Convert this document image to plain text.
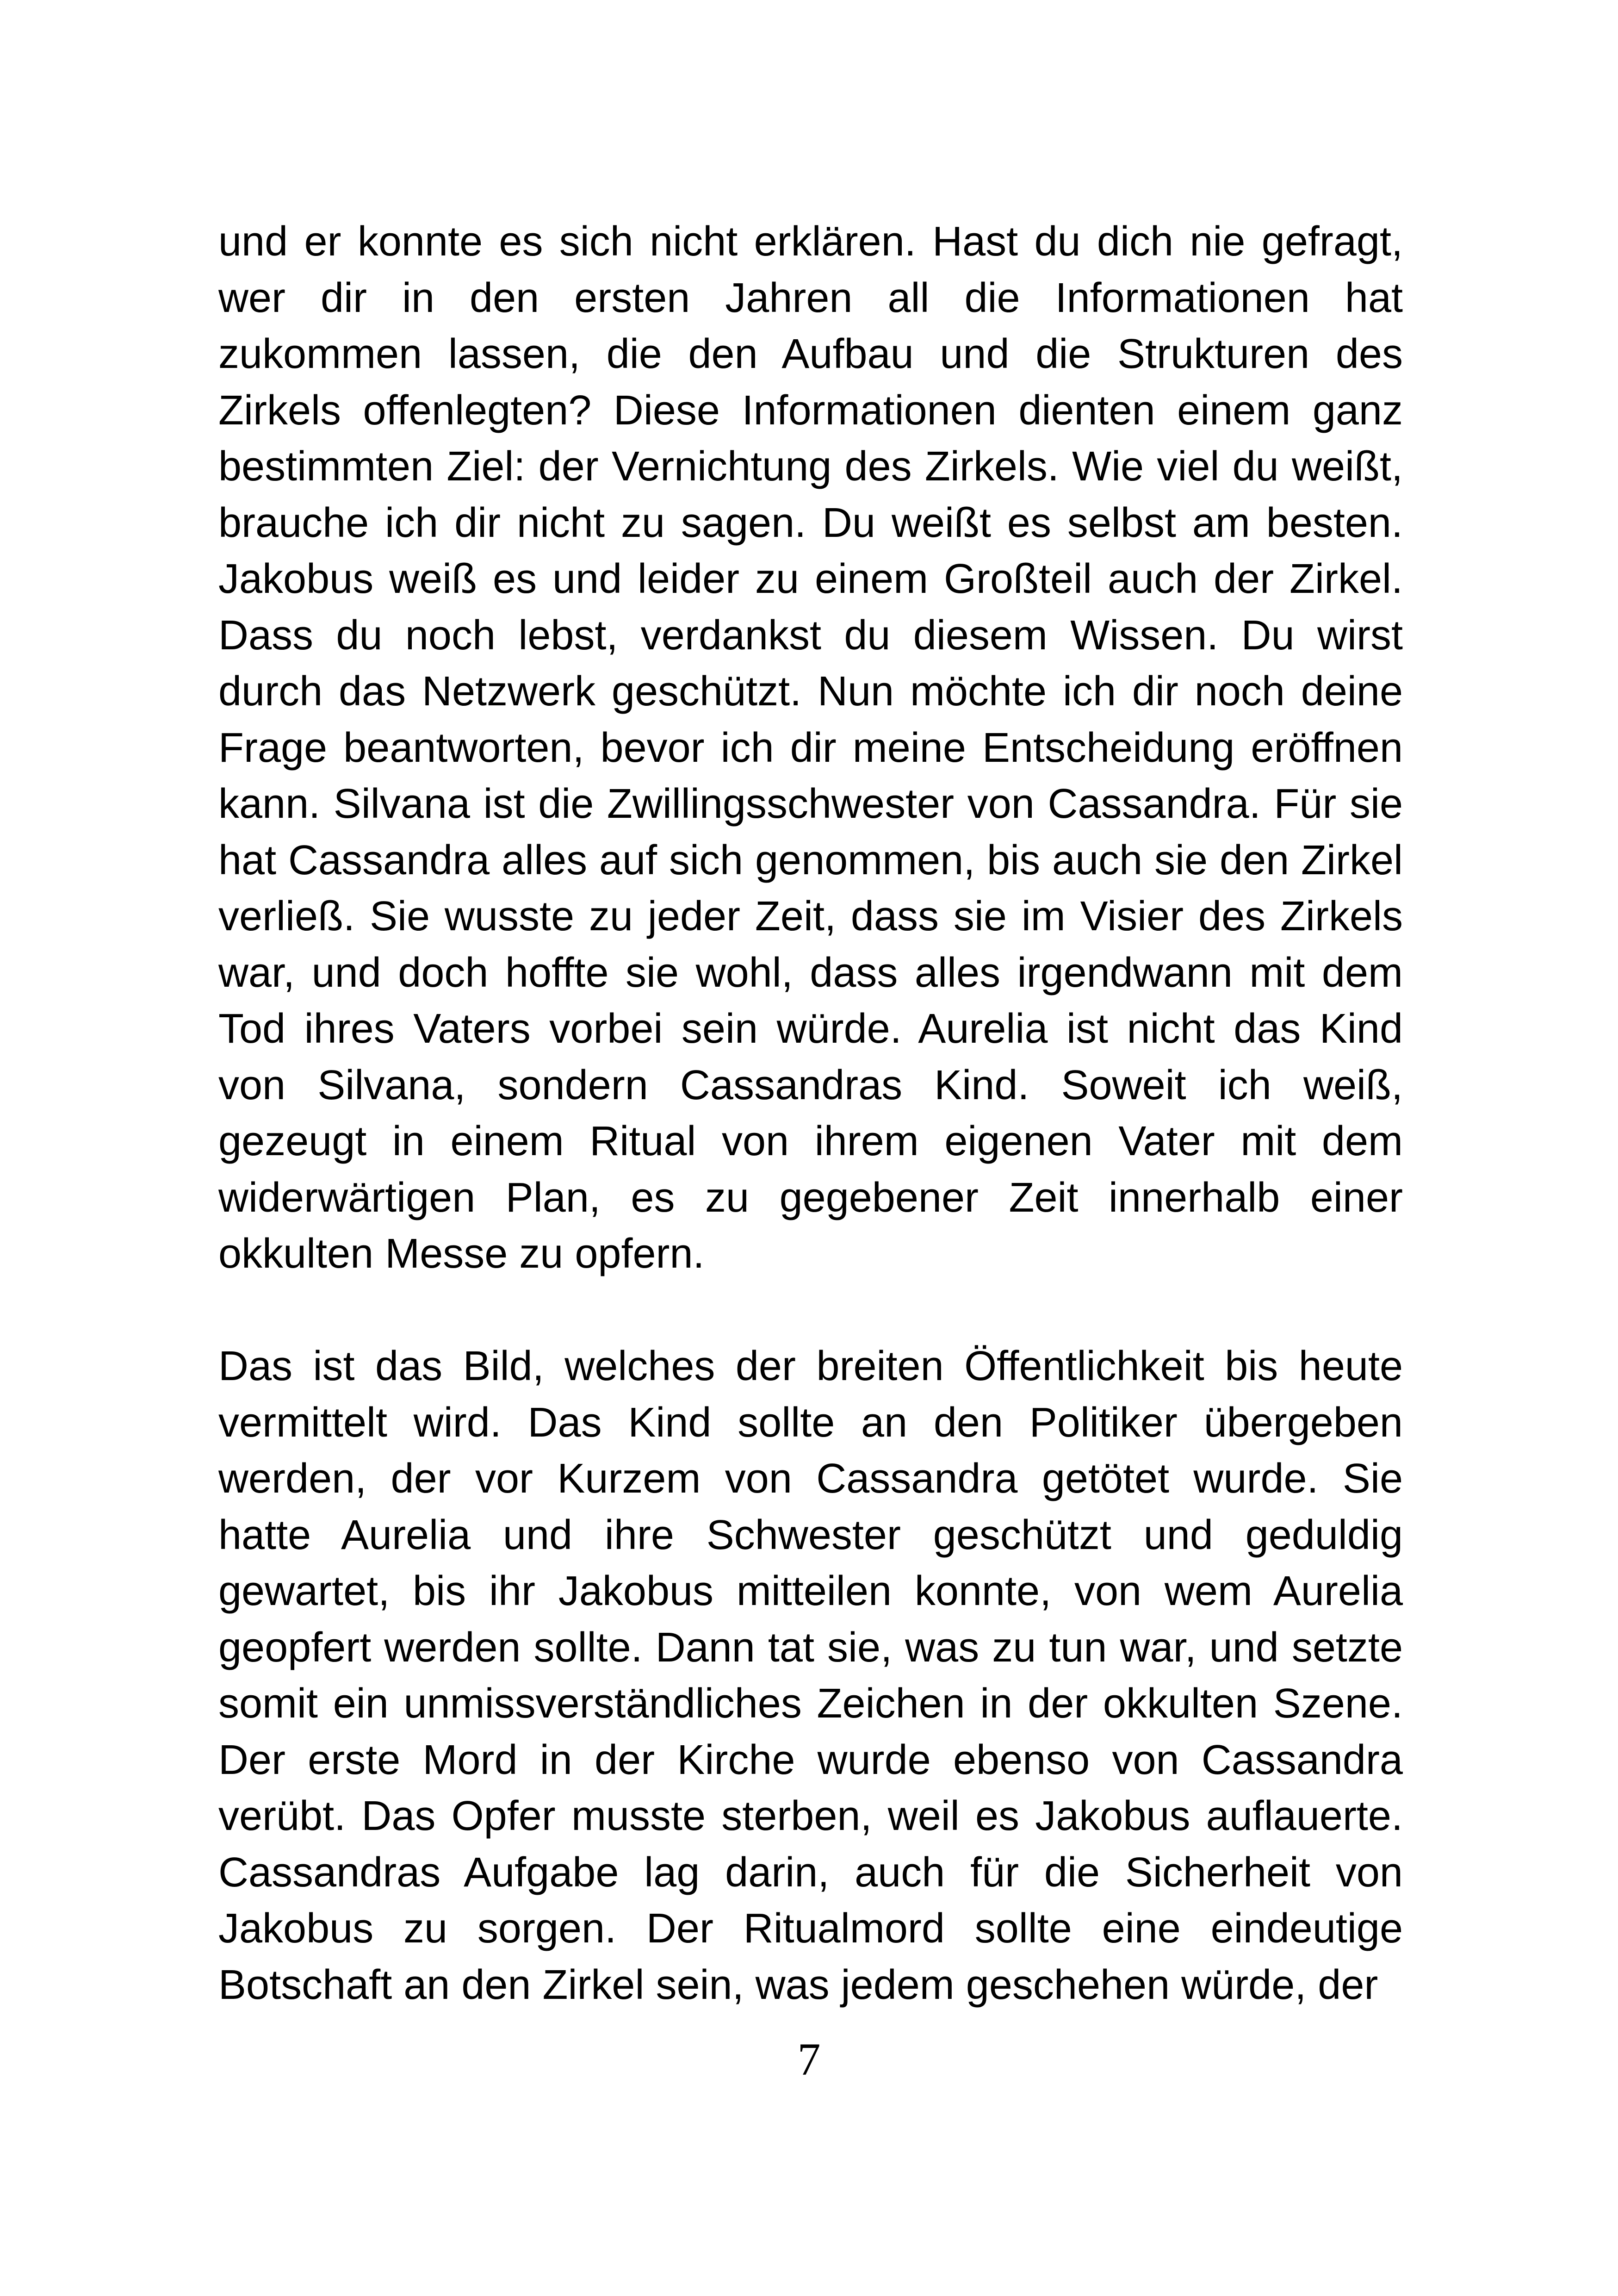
und er konnte es sich nicht erklären. Hast du dich nie gefragt, wer dir in den ersten Jahren all die Informationen hat zukommen lassen, die den Aufbau und die Strukturen des Zirkels offenlegten? Diese Informationen dienten einem ganz bestimmten Ziel: der Vernichtung des Zirkels. Wie viel du weißt, brauche ich dir nicht zu sagen. Du weißt es selbst am besten. Jakobus weiß es und leider zu einem Großteil auch der Zirkel. Dass du noch lebst, verdankst du diesem Wissen. Du wirst durch das Netzwerk geschützt. Nun möchte ich dir noch deine Frage beantworten, bevor ich dir meine Entscheidung eröffnen kann. Silvana ist die Zwillingsschwester von Cassandra. Für sie hat Cassandra alles auf sich genommen, bis auch sie den Zirkel verließ. Sie wusste zu jeder Zeit, dass sie im Visier des Zirkels war, und doch hoffte sie wohl, dass alles irgendwann mit dem Tod ihres Vaters vorbei sein würde. Aurelia ist nicht das Kind von Silvana, sondern Cassandras Kind. Soweit ich weiß, gezeugt in einem Ritual von ihrem eigenen Vater mit dem widerwärtigen Plan, es zu gegebener Zeit innerhalb einer okkulten Messe zu opfern.

Das ist das Bild, welches der breiten Öffentlichkeit bis heute vermittelt wird. Das Kind sollte an den Politiker übergeben werden, der vor Kurzem von Cassandra getötet wurde. Sie hatte Aurelia und ihre Schwester geschützt und geduldig gewartet, bis ihr Jakobus mitteilen konnte, von wem Aurelia geopfert werden sollte. Dann tat sie, was zu tun war, und setzte somit ein unmissverständliches Zeichen in der okkulten Szene. Der erste Mord in der Kirche wurde ebenso von Cassandra verübt. Das Opfer musste sterben, weil es Jakobus auflauerte. Cassandras Aufgabe lag darin, auch für die Sicherheit von Jakobus zu sorgen. Der Ritualmord sollte eine eindeutige Botschaft an den Zirkel sein, was jedem geschehen würde, der

7
